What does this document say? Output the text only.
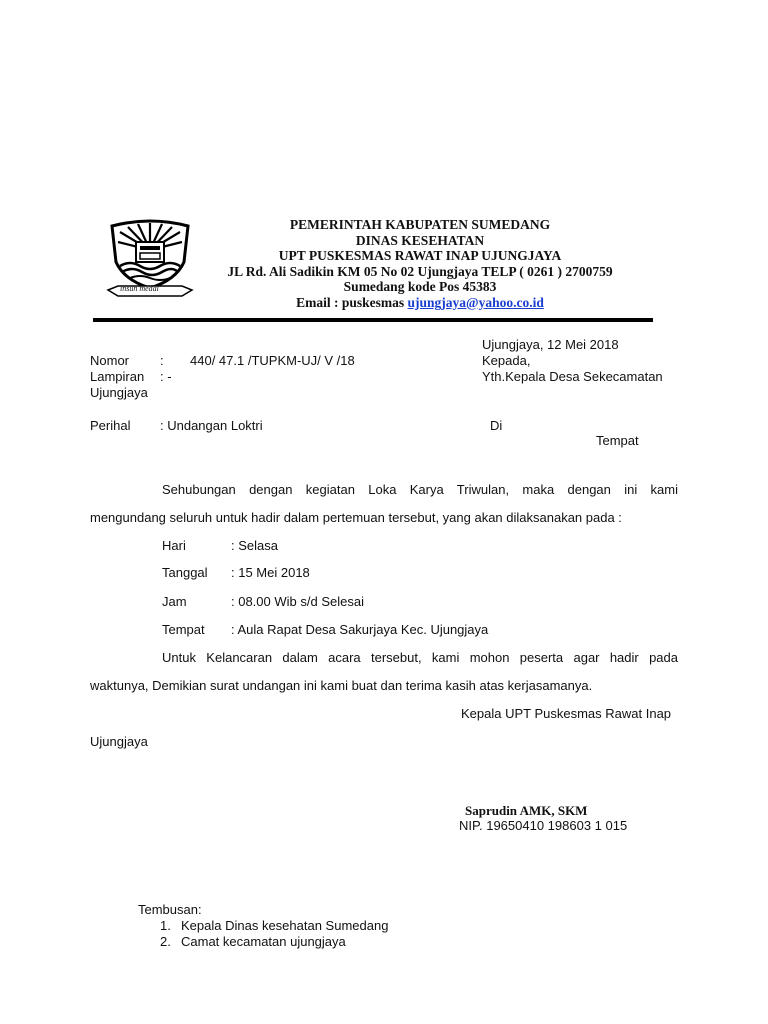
insun medal
PEMERINTAH KABUPATEN SUMEDANG
DINAS KESEHATAN
UPT PUSKESMAS RAWAT INAP UJUNGJAYA
JL Rd. Ali Sadikin KM 05 No 02 Ujungjaya TELP ( 0261 ) 2700759
Sumedang kode Pos 45383
Email : puskesmas ujungjaya@yahoo.co.id
Ujungjaya, 12 Mei 2018
Kepada,
Yth.Kepala Desa Sekecamatan
Di
Tempat
Nomor : 440/ 47.1 /TUPKM-UJ/ V /18
Lampiran : -
Ujungjaya
Perihal : Undangan Loktri
Sehubungan dengan kegiatan Loka Karya Triwulan, maka dengan ini kami
mengundang seluruh untuk hadir dalam pertemuan tersebut, yang akan dilaksanakan pada :
Hari	: Selasa
Tanggal : 15 Mei 2018
Jam	: 08.00 Wib s/d Selesai
Tempat : Aula Rapat Desa Sakurjaya Kec. Ujungjaya
Untuk Kelancaran dalam acara tersebut, kami mohon peserta agar hadir pada
waktunya, Demikian surat undangan ini kami buat dan terima kasih atas kerjasamanya.
Kepala UPT Puskesmas Rawat Inap
Ujungjaya
Saprudin AMK, SKM
NIP. 19650410 198603 1 015
Tembusan:
1. Kepala Dinas kesehatan Sumedang
2. Camat kecamatan ujungjaya
